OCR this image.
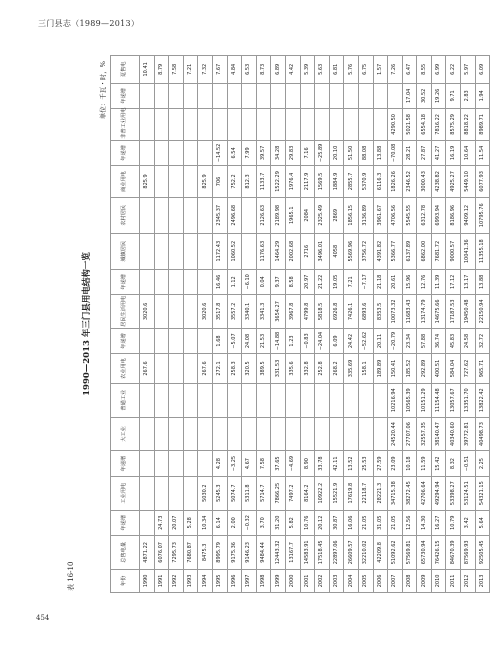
三门县志（1989—2013）
表 16-10
1990—2013 年三门县用电结构一览
单位：千瓦・时，%
年份	总售电量	年递增	工业用电	年递增	大工业	普通工业	农业用电	年递增	居民生活用电	年递增	城镇居民	农村居民	商业用电	年递增	非普工业用电	年递增	趸售电

1990	4871.22						267.6		3020.6				825.9				10.41
1991	6076.07	24.73															8.79
1992	7295.73	20.07															7.58
1993	7680.87	5.28															7.21
1994	8475.3	10.34	5030.2				267.6		3020.6				825.9				7.32
1995	8995.79	6.14	5245.3	4.28			272.1	1.68	3517.8	16.46	1172.43	2345.37	706	−14.52			7.67
1996	9175.36	2.00	5074.7	−3.25			258.3	−5.07	3557.2	1.12	1060.52	2496.68	752.2	6.54			4.84
1997	9146.23	−0.32	5311.8	4.67			320.5	24.08	3340.1	−6.10			812.3	7.99			6.53
1998	9484.44	3.70	5714.7	7.58			389.5	21.53	3341.3	0.04	1176.63	2126.63	1133.7	39.57			8.73
1999	12443.32	31.20	7866.25	37.65			331.53	−14.88	3654.27	9.37	1464.29	2189.98	1522.29	34.28			6.89
2000	13167.7	5.82	7497.2	−4.69			335.6	1.23	3967.8	8.58	2002.68	1965.1	1976.4	29.83			4.42
2001	14583.91	10.76	8164.2	8.90			332.8	−0.83	4799.8	20.97	2716	2084	2117.9	7.16			5.39
2002	17518.45	20.12	10922.2	33.78			252.8	−24.04	5818.5	21.22	3496.01	2325.49	1569.5	−25.89			5.63
2003	22897.06	30.87	15521.9	42.11			268.2	6.09	6926.8	19.05	4058	2869	1884.9	20.10			6.81
2004	26609.57	16.06	17619.8	13.52			335.69	24.42	7426.1	7.21	5569.96	1856.15	2855.7	51.50			5.76
2005	32210.02	21.05	22118.7	25.53			158.1	−52.62	6893.6	−7.17	3756.72	3136.89	5370.9	88.08			6.75
2006	42209.8	31.05	28221.3	27.59			189.89	20.11	8353.5	21.18	4391.82	3961.67	6116.3	13.88			1.57
2007	51092.62	21.05	34715.38	23.09	24520.44	10216.94	150.41	−20.79	10073.32	20.61	5366.77	4706.56	1826.26	−70.08	4290.50		7.26
2008	57569.81	12.56	38272.45	10.18	27707.06	10565.39	185.52	23.34	11683.43	15.96	6137.89	5545.55	2346.52	28.21	5021.58	17.04	6.47
2009	65730.94	14.30	42706.64	11.59	32557.35	10151.29	292.89	57.88	13174.79	12.76	6862.00	6312.78	3000.43	27.87	6554.18	30.52	8.55
2010	76426.15	16.27	49294.94	15.42	38140.47	11154.48	400.51	36.74	14675.66	11.39	7681.72	6993.94	4238.82	41.27	7816.22	19.26	6.99
2011	84670.39	10.79	53398.27	8.32	40340.60	13057.67	584.04	45.83	17187.53	17.12	9000.57	8186.96	4925.27	16.19	8575.29	9.71	6.22
2012	87569.93	3.42	53124.51	−0.51	39772.81	13351.70	727.62	24.58	19450.48	13.17	10041.36	9409.12	5449.10	10.64	8818.22	2.83	5.97
2013	92505.45	5.64	54321.15	2.25	40498.73	13822.42	965.71	32.72	22150.94	13.88	11355.18	10795.76	6077.93	11.54	8989.71	1.94	6.09
454
